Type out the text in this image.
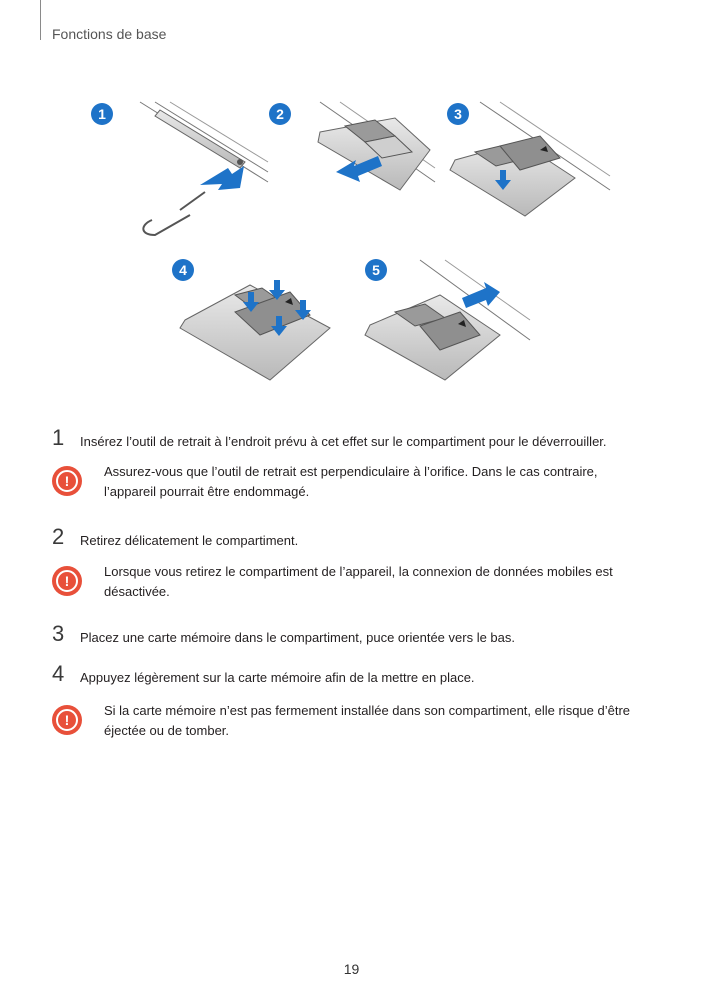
Fonctions de base
1	2	3
4	5
1 Insérez l’outil de retrait à l’endroit prévu à cet effet sur le compartiment pour le déverrouiller.
!
Assurez-vous que l’outil de retrait est perpendiculaire à l’orifice. Dans le cas contraire,
l’appareil pourrait être endommagé.
2 Retirez délicatement le compartiment.
!
Lorsque vous retirez le compartiment de l’appareil, la connexion de données mobiles est
désactivée.
3 Placez une carte mémoire dans le compartiment, puce orientée vers le bas.
4 Appuyez légèrement sur la carte mémoire afin de la mettre en place.
!
Si la carte mémoire n’est pas fermement installée dans son compartiment, elle risque d’être
éjectée ou de tomber.
19
